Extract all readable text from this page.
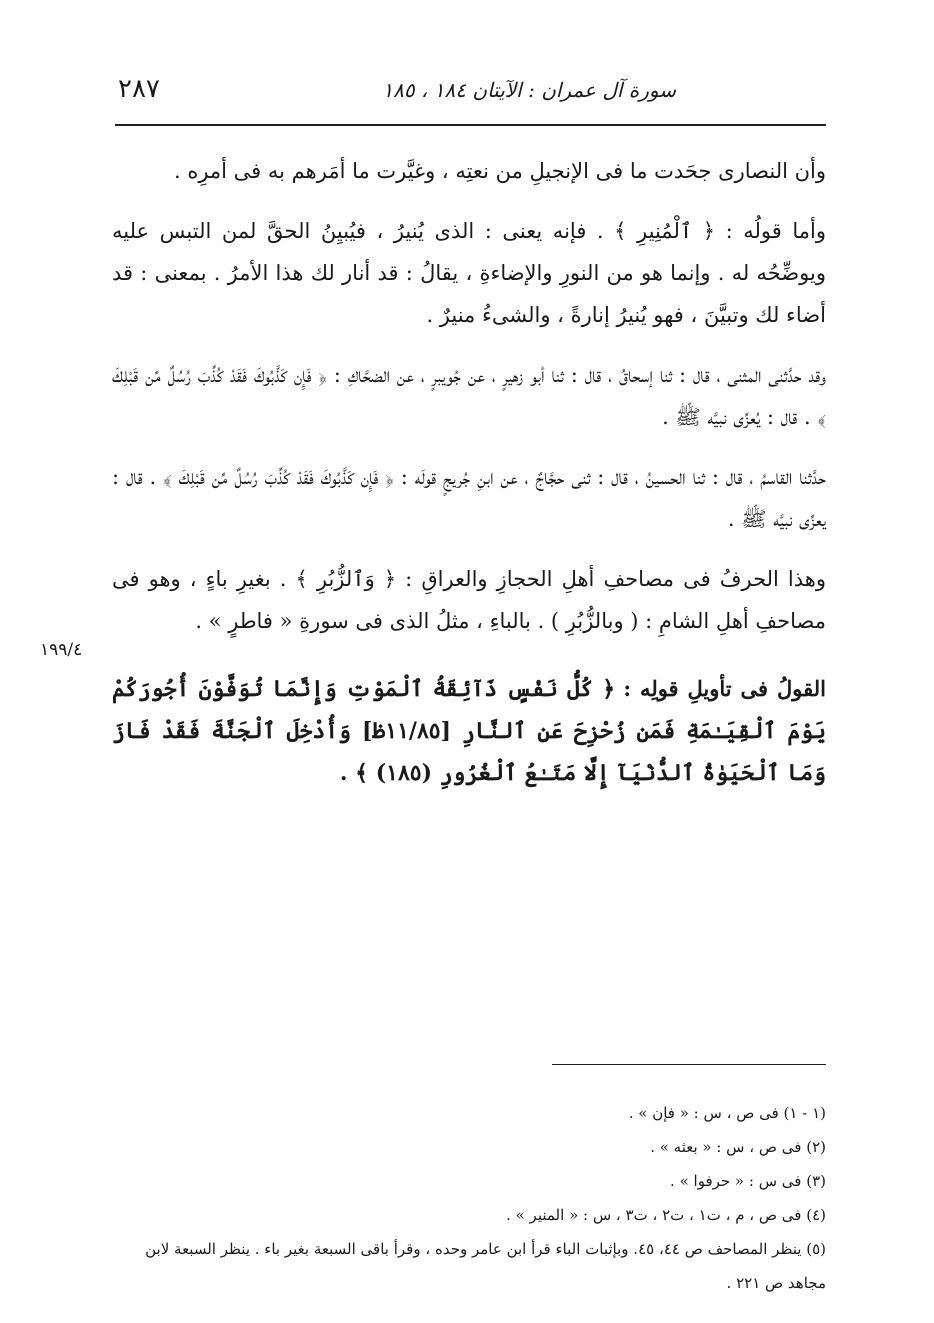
٢٨٧	سورة آل عمران : الآيتان ١٨٤ ، ١٨٥
١٩٩/٤

وأن النصارى جحَدت ما فى الإنجيلِ من نعتِه ، وغيَّرت ما أمَرهم به فى أمرِه .

وأما قولُه : ﴿ ٱلْمُنِيرِ ﴾ . فإنه يعنى : الذى يُنيرُ ، فيُبيِنُ الحقَّ لمن التبس عليه ويوضِّحُه له . وإنما هو من النورِ والإضاءةِ ، يقالُ : قد أنار لك هذا الأمرُ . بمعنى : قد أضاء لك وتبيَّنَ ، فهو يُنيرُ إنارةً ، والشىءُ منيرٌ .

وقد حدَّثنى المثنى ، قال : ثنا إسحاقُ ، قال : ثنا أبو زهيرٍ ، عن جُويبرٍ ، عن الضحَّاكِ : ﴿ فَإِن كَذَّبُوكَ فَقَدْ كُذِّبَ رُسُلٌ مِّن قَبْلِكَ ﴾ . قال : يُعزِّى نبيَّه ﷺ .

حدَّثنا القاسمُ ، قال : ثنا الحسينُ ، قال : ثنى حجَّاجٌ ، عن ابنِ جُريجٍ قولَه : ﴿ فَإِن كَذَّبُوكَ فَقَدْ كُذِّبَ رُسُلٌ مِّن قَبْلِكَ ﴾ . قال : يعزِّى نبيَّه ﷺ .

وهذا الحرفُ فى مصاحفِ أهلِ الحجازِ والعراقِ : ﴿ وَٱلزُّبُرِ ﴾ . بغيرِ باءٍ ، وهو فى مصاحفِ أهلِ الشامِ : ( وبالزُّبُرِ ) . بالباءِ ، مثلُ الذى فى سورةِ « فاطرٍ » .

القولُ فى تأويلِ قولِه : ﴿ كُلُّ نَفْسٍ ذَآئِقَةُ ٱلْمَوْتِ وَإِنَّمَا تُوَفَّوْنَ أُجُورَكُمْ يَوْمَ ٱلْقِيَـٰمَةِ فَمَن زُحْزِحَ عَنِ ٱلنَّارِ [١١/٨٥ظ] وَأُدْخِلَ ٱلْجَنَّةَ فَقَدْ فَازَ وَمَا ٱلْحَيَوٰةُ ٱلدُّنْيَآ إِلَّا مَتَـٰعُ ٱلْغُرُورِ (١٨٥) ﴾ .

(١ - ١) فى ص ، س : « فإن » .

(٢) فى ص ، س : « بعثه » .

(٣) فى س : « حرفوا » .

(٤) فى ص ، م ، ت١ ، ت٢ ، ت٣ ، س : « المنير » .

(٥) ينظر المصاحف ص ٤٤، ٤٥. وبإثبات الباء قرأ ابن عامر وحده ، وقرأ باقى السبعة بغير باء . ينظر السبعة لابن مجاهد ص ٢٢١ .
